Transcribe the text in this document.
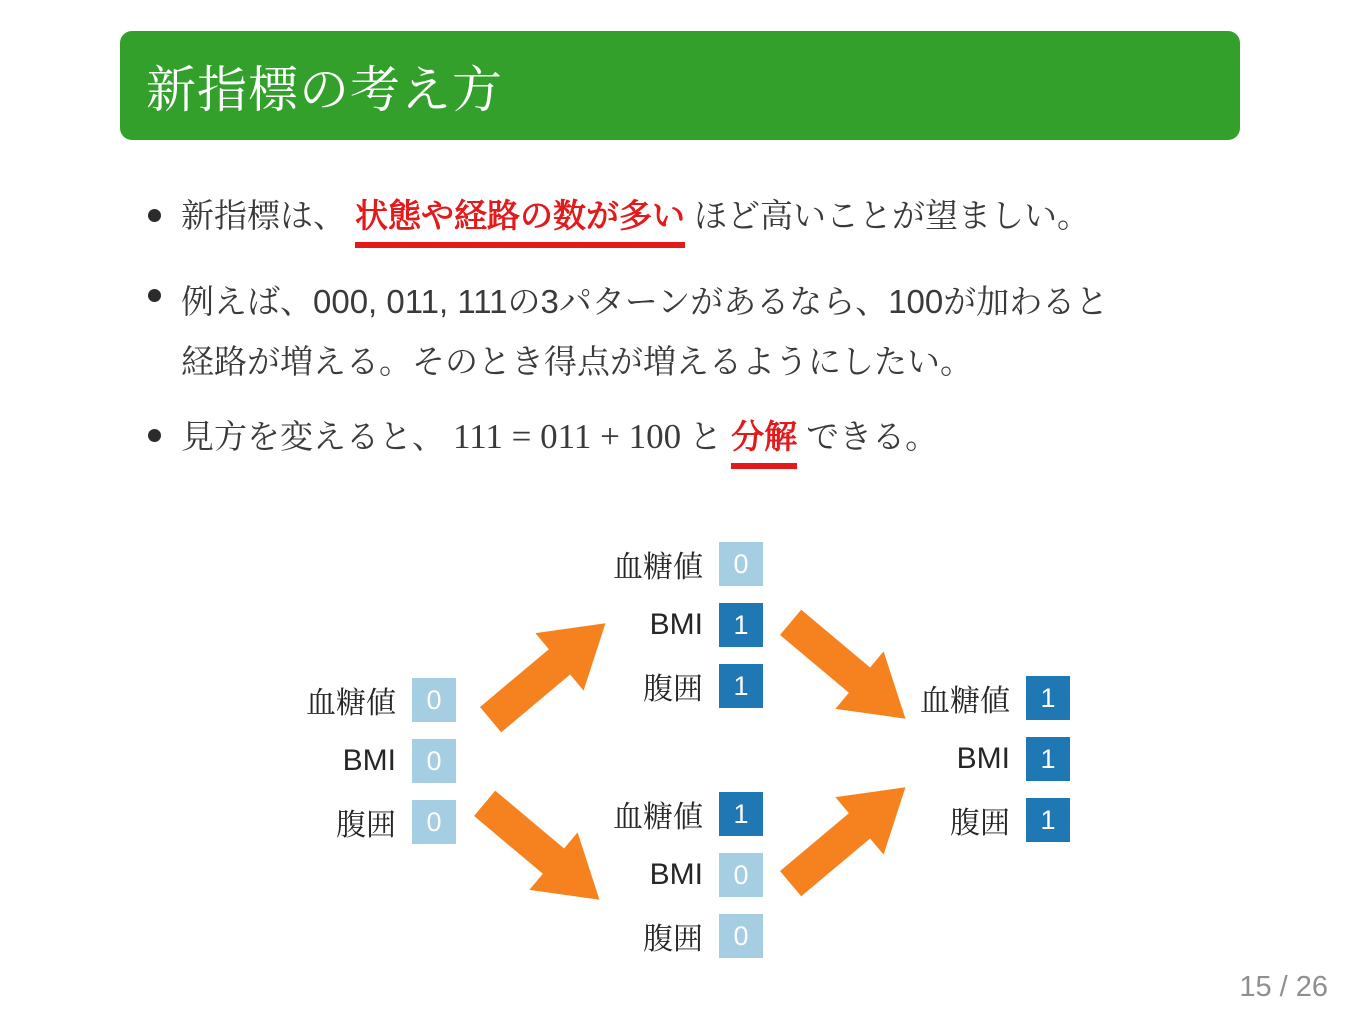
新指標の考え方

新指標は、 状態や経路の数が多い ほど高いことが望ましい。

例えば、000, 011, 111の3パターンがあるなら、100が加わると
経路が増える。そのとき得点が増えるようにしたい。

見方を変えると、 111 = 011 + 100 と 分解 できる。

血糖値	0
BMI	0
腹囲	0
血糖値	0
BMI	1
腹囲	1
血糖値	1
BMI	0
腹囲	0
血糖値	1
BMI	1
腹囲	1
15 / 26
